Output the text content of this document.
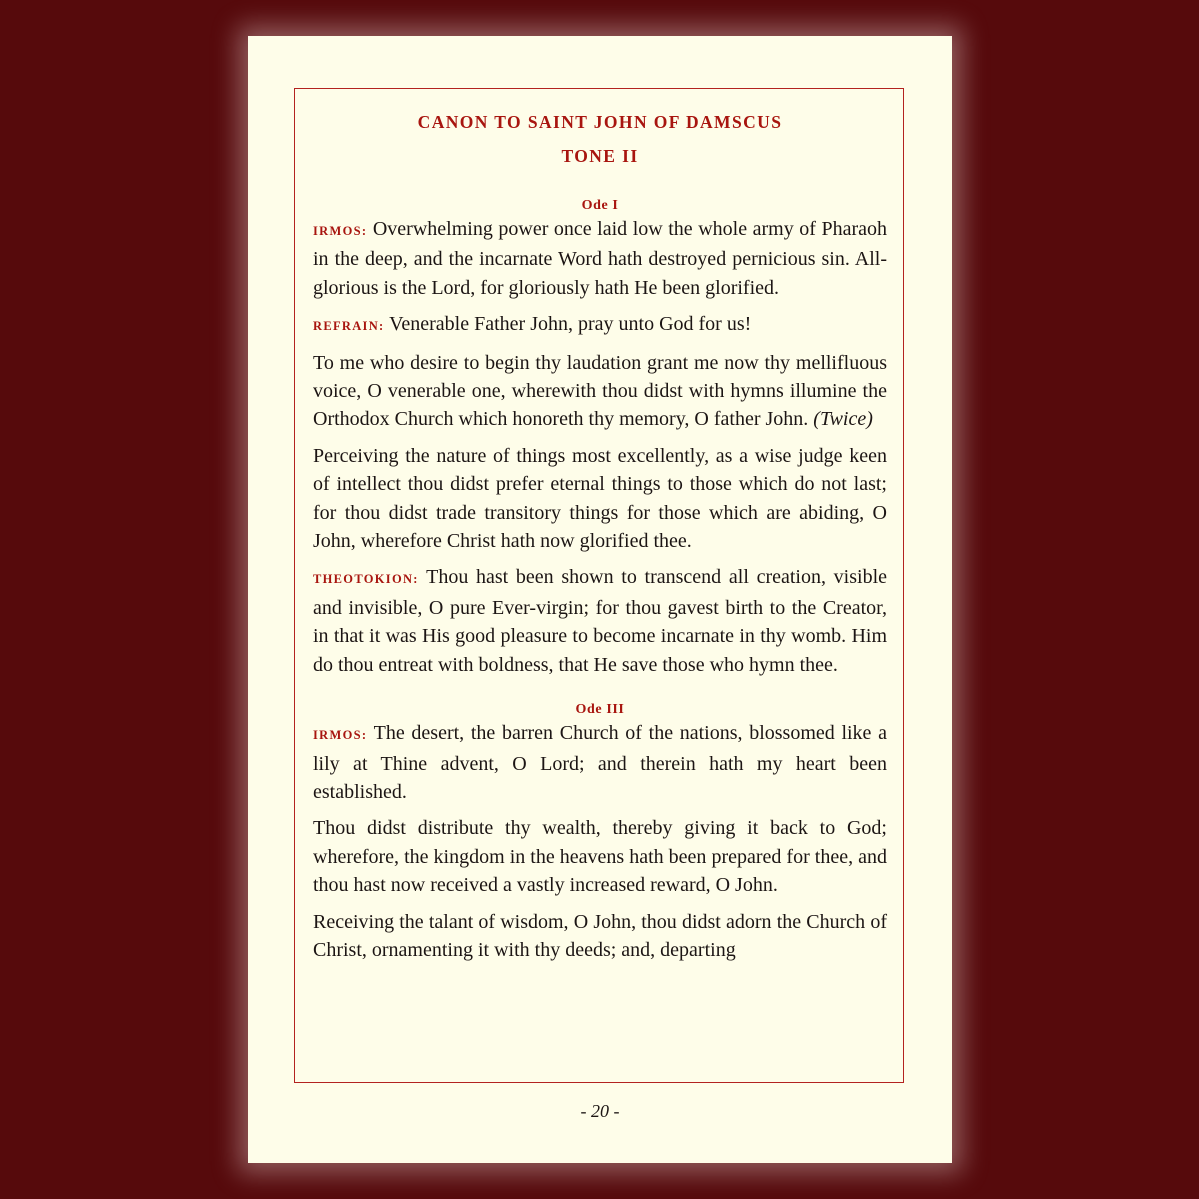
CANON TO SAINT JOHN OF DAMSCUS
TONE II
Ode I

IRMOS: Overwhelming power once laid low the whole army of Pharaoh in the deep, and the incarnate Word hath destroyed pernicious sin. All-glorious is the Lord, for gloriously hath He been glorified.

REFRAIN: Venerable Father John, pray unto God for us!

To me who desire to begin thy laudation grant me now thy mellifluous voice, O venerable one, wherewith thou didst with hymns illumine the Orthodox Church which honoreth thy memory, O father John. (Twice)

Perceiving the nature of things most excellently, as a wise judge keen of intellect thou didst prefer eternal things to those which do not last; for thou didst trade transitory things for those which are abiding, O John, wherefore Christ hath now glorified thee.

THEOTOKION: Thou hast been shown to transcend all creation, visible and invisible, O pure Ever-virgin; for thou gavest birth to the Creator, in that it was His good pleasure to become incarnate in thy womb. Him do thou entreat with boldness, that He save those who hymn thee.

Ode III

IRMOS: The desert, the barren Church of the nations, blossomed like a lily at Thine advent, O Lord; and therein hath my heart been established.

Thou didst distribute thy wealth, thereby giving it back to God; wherefore, the kingdom in the heavens hath been prepared for thee, and thou hast now received a vastly increased reward, O John.

Receiving the talant of wisdom, O John, thou didst adorn the Church of Christ, ornamenting it with thy deeds; and, departing

- 20 -
